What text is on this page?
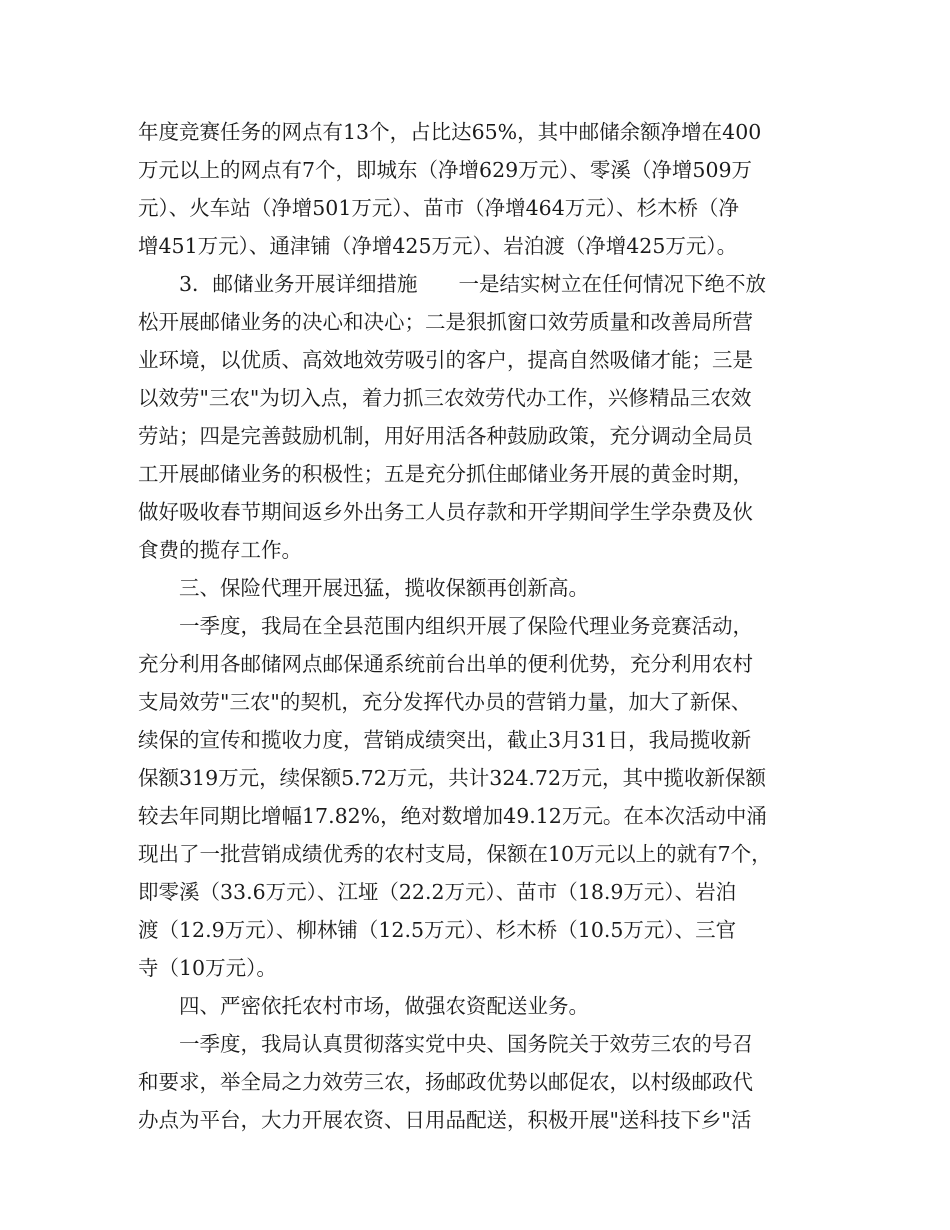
年度竞赛任务的网点有13个，占比达65%，其中邮储余额净增在400
万元以上的网点有7个，即城东（净增629万元）、零溪（净增509万
元）、火车站（净增501万元）、苗市（净增464万元）、杉木桥（净
增451万元）、通津铺（净增425万元）、岩泊渡（净增425万元）。
3．邮储业务开展详细措施　　一是结实树立在任何情况下绝不放
松开展邮储业务的决心和决心；二是狠抓窗口效劳质量和改善局所营
业环境，以优质、高效地效劳吸引的客户，提高自然吸储才能；三是
以效劳"三农"为切入点，着力抓三农效劳代办工作，兴修精品三农效
劳站；四是完善鼓励机制，用好用活各种鼓励政策，充分调动全局员
工开展邮储业务的积极性；五是充分抓住邮储业务开展的黄金时期，
做好吸收春节期间返乡外出务工人员存款和开学期间学生学杂费及伙
食费的揽存工作。
三、保险代理开展迅猛，揽收保额再创新高。
一季度，我局在全县范围内组织开展了保险代理业务竞赛活动，
充分利用各邮储网点邮保通系统前台出单的便利优势，充分利用农村
支局效劳"三农"的契机，充分发挥代办员的营销力量，加大了新保、
续保的宣传和揽收力度，营销成绩突出，截止3月31日，我局揽收新
保额319万元，续保额5.72万元，共计324.72万元，其中揽收新保额
较去年同期比增幅17.82%，绝对数增加49.12万元。在本次活动中涌
现出了一批营销成绩优秀的农村支局，保额在10万元以上的就有7个，
即零溪（33.6万元）、江垭（22.2万元）、苗市（18.9万元）、岩泊
渡（12.9万元）、柳林铺（12.5万元）、杉木桥（10.5万元）、三官
寺（10万元）。
四、严密依托农村市场，做强农资配送业务。
一季度，我局认真贯彻落实党中央、国务院关于效劳三农的号召
和要求，举全局之力效劳三农，扬邮政优势以邮促农，以村级邮政代
办点为平台，大力开展农资、日用品配送，积极开展"送科技下乡"活
